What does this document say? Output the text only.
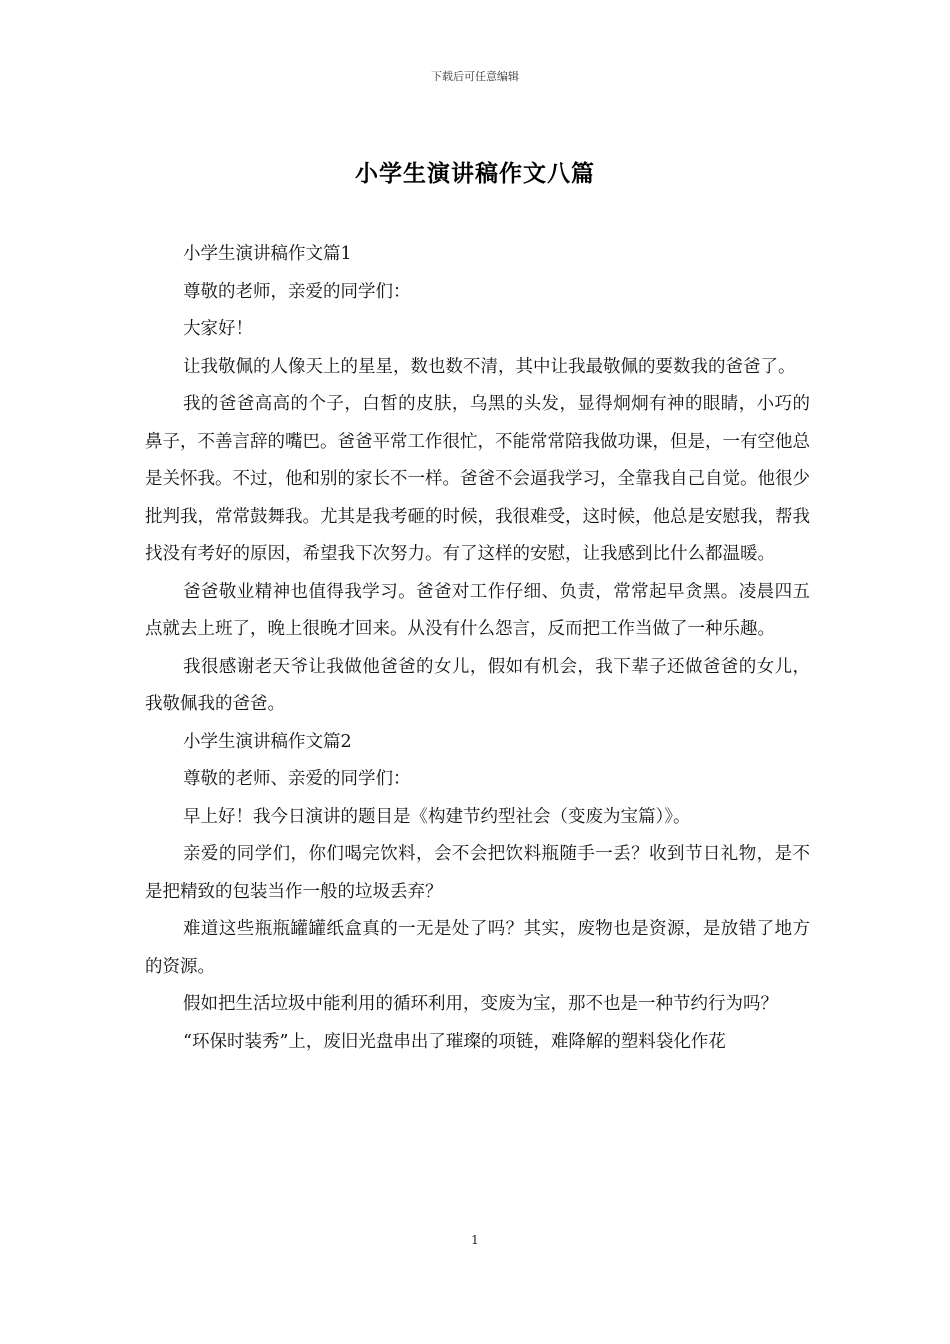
下载后可任意编辑
小学生演讲稿作文八篇

小学生演讲稿作文篇1

尊敬的老师，亲爱的同学们：

大家好！

让我敬佩的人像天上的星星，数也数不清，其中让我最敬佩的要数我的爸爸了。

我的爸爸高高的个子，白皙的皮肤，乌黑的头发，显得炯炯有神的眼睛，小巧的鼻子，不善言辞的嘴巴。爸爸平常工作很忙，不能常常陪我做功课，但是，一有空他总是关怀我。不过，他和别的家长不一样。爸爸不会逼我学习，全靠我自己自觉。他很少批判我，常常鼓舞我。尤其是我考砸的时候，我很难受，这时候，他总是安慰我，帮我找没有考好的原因，希望我下次努力。有了这样的安慰，让我感到比什么都温暖。

爸爸敬业精神也值得我学习。爸爸对工作仔细、负责，常常起早贪黑。凌晨四五点就去上班了，晚上很晚才回来。从没有什么怨言，反而把工作当做了一种乐趣。

我很感谢老天爷让我做他爸爸的女儿，假如有机会，我下辈子还做爸爸的女儿，我敬佩我的爸爸。

小学生演讲稿作文篇2

尊敬的老师、亲爱的同学们：

早上好！我今日演讲的题目是《构建节约型社会（变废为宝篇）》。

亲爱的同学们，你们喝完饮料，会不会把饮料瓶随手一丢？收到节日礼物，是不是把精致的包装当作一般的垃圾丢弃？

难道这些瓶瓶罐罐纸盒真的一无是处了吗？其实，废物也是资源，是放错了地方的资源。

假如把生活垃圾中能利用的循环利用，变废为宝，那不也是一种节约行为吗？

“环保时装秀”上，废旧光盘串出了璀璨的项链，难降解的塑料袋化作花

1
